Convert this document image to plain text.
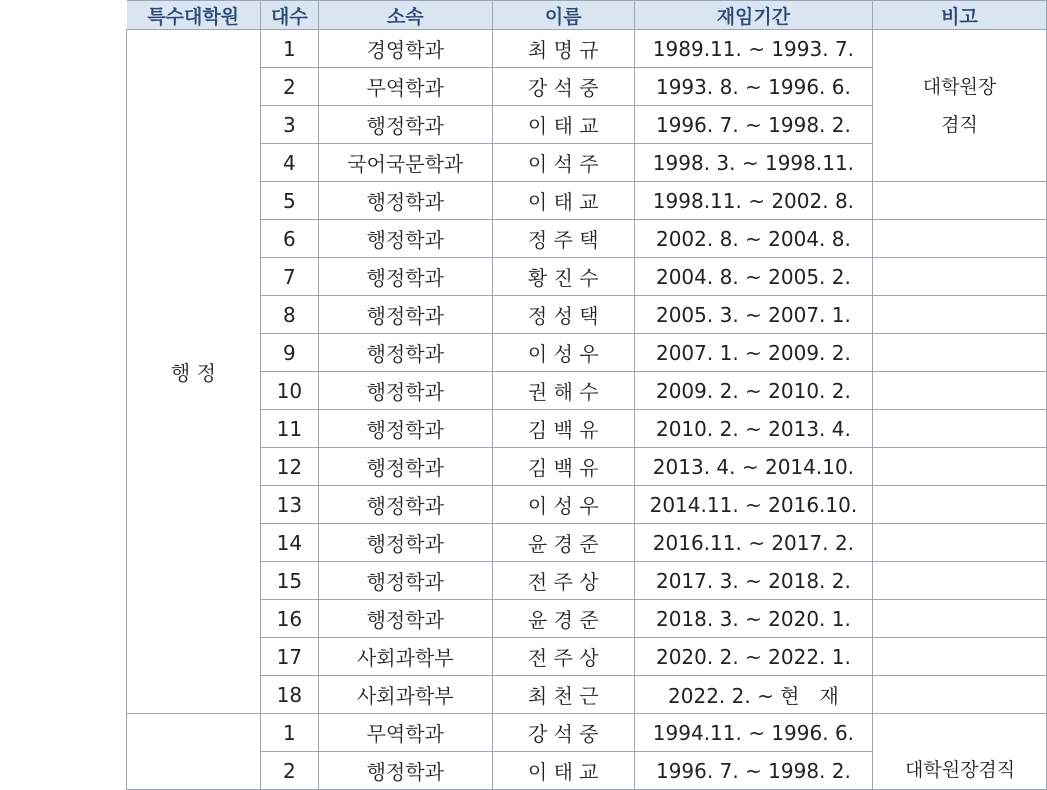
특수대학원	대수	소속	이름	재임기간	비고
행 정	1	경영학과	최 명 규	1989.11. ~ 1993. 7.	대학원장
겸직

	2	무역학과	강 석 중	1993. 8. ~ 1996. 6.	
	3	행정학과	이 태 교	1996. 7. ~ 1998. 2.	
	4	국어국문학과	이 석 주	1998. 3. ~ 1998.11.	
	5	행정학과	이 태 교	1998.11. ~ 2002. 8.	
	6	행정학과	정 주 택	2002. 8. ~ 2004. 8.	
	7	행정학과	황 진 수	2004. 8. ~ 2005. 2.	
	8	행정학과	정 성 택	2005. 3. ~ 2007. 1.	
	9	행정학과	이 성 우	2007. 1. ~ 2009. 2.	
	10	행정학과	권 해 수	2009. 2. ~ 2010. 2.	
	11	행정학과	김 백 유	2010. 2. ~ 2013. 4.	
	12	행정학과	김 백 유	2013. 4. ~ 2014.10.	
	13	행정학과	이 성 우	2014.11. ~ 2016.10.	
	14	행정학과	윤 경 준	2016.11. ~ 2017. 2.	
	15	행정학과	전 주 상	2017. 3. ~ 2018. 2.	
	16	행정학과	윤 경 준	2018. 3. ~ 2020. 1.	
	17	사회과학부	전 주 상	2020. 2. ~ 2022. 1.	
	18	사회과학부	최 천 근	2022. 2. ~ 현　재	
	1	무역학과	강 석 중	1994.11. ~ 1996. 6.	대학원장겸직

	2	행정학과	이 태 교	1996. 7. ~ 1998. 2.	
